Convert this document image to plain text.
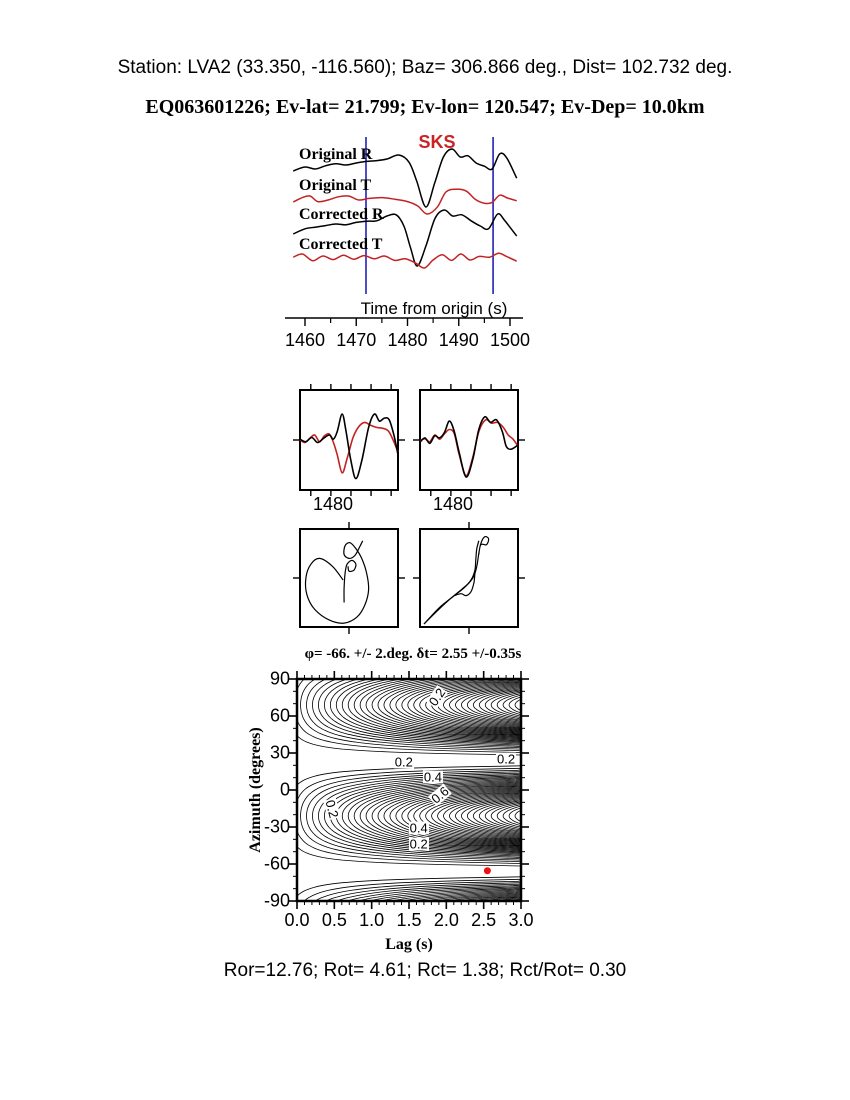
Station: LVA2 (33.350, -116.560); Baz= 306.866 deg., Dist= 102.732 deg.
EQ063601226; Ev-lat= 21.799; Ev-lon= 120.547; Ev-Dep= 10.0km
SKS
Original R
Original T
Corrected R
Corrected T
Time from origin (s)
1460 1470 1480 1490 1500
1480	1480
φ= -66. +/- 2.deg. δt= 2.55 +/-0.35s
Azimuth (degrees)
Lag (s)
90
60
30
0
-30
-60
-90
0.0 0.5 1.0 1.5 2.0 2.5 3.0
0.2
0.2	0.2
0.4
0.6
0.2
0.4
0.2
Ror=12.76; Rot= 4.61; Rct= 1.38; Rct/Rot= 0.30
